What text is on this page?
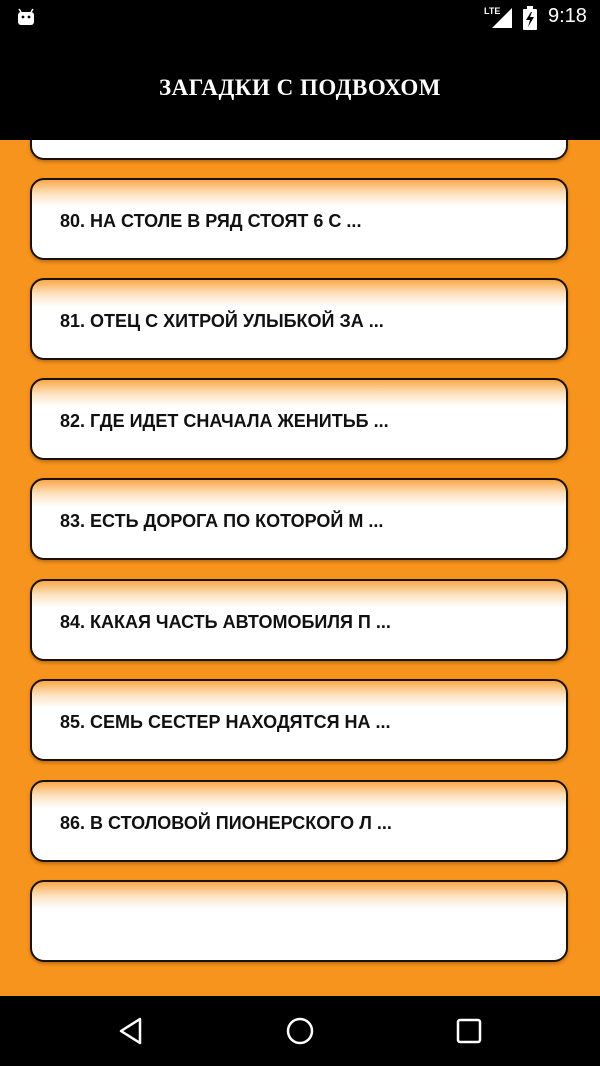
LTE 9:18
ЗАГАДКИ С ПОДВОХОМ
80. НА СТОЛЕ В РЯД СТОЯТ 6 С ...
81. ОТЕЦ С ХИТРОЙ УЛЫБКОЙ ЗА ...
82. ГДЕ ИДЕТ СНАЧАЛА ЖЕНИТЬБ ...
83. ЕСТЬ ДОРОГА ПО КОТОРОЙ М ...
84. КАКАЯ ЧАСТЬ АВТОМОБИЛЯ П ...
85. СЕМЬ СЕСТЕР НАХОДЯТСЯ НА ...
86. В СТОЛОВОЙ ПИОНЕРСКОГО Л ...
